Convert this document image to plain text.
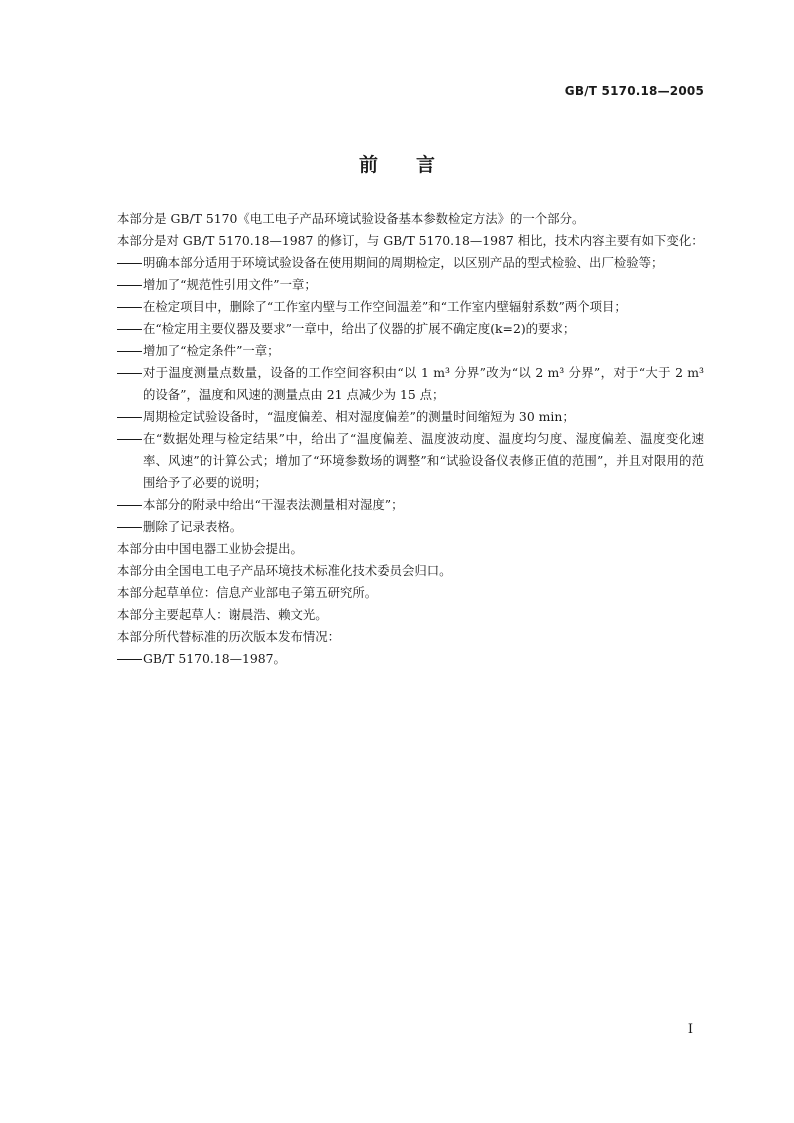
GB/T 5170.18—2005
前言

本部分是 GB/T 5170《电工电子产品环境试验设备基本参数检定方法》的一个部分。

本部分是对 GB/T 5170.18—1987 的修订，与 GB/T 5170.18—1987 相比，技术内容主要有如下变化：

明确本部分适用于环境试验设备在使用期间的周期检定，以区别产品的型式检验、出厂检验等；
增加了“规范性引用文件”一章；
在检定项目中，删除了“工作室内壁与工作空间温差”和“工作室内壁辐射系数”两个项目；
在“检定用主要仪器及要求”一章中，给出了仪器的扩展不确定度(k=2)的要求；
增加了“检定条件”一章；
对于温度测量点数量，设备的工作空间容积由“以 1 m³ 分界”改为“以 2 m³ 分界”，对于“大于 2 m³ 的设备”，温度和风速的测量点由 21 点减少为 15 点；
周期检定试验设备时，“温度偏差、相对湿度偏差”的测量时间缩短为 30 min；
在“数据处理与检定结果”中，给出了“温度偏差、温度波动度、温度均匀度、湿度偏差、温度变化速率、风速”的计算公式；增加了“环境参数场的调整”和“试验设备仪表修正值的范围”，并且对限用的范围给予了必要的说明；
本部分的附录中给出“干湿表法测量相对湿度”；
删除了记录表格。

本部分由中国电器工业协会提出。

本部分由全国电工电子产品环境技术标准化技术委员会归口。

本部分起草单位：信息产业部电子第五研究所。

本部分主要起草人：谢晨浩、赖文光。

本部分所代替标准的历次版本发布情况：

GB/T 5170.18—1987。
I
